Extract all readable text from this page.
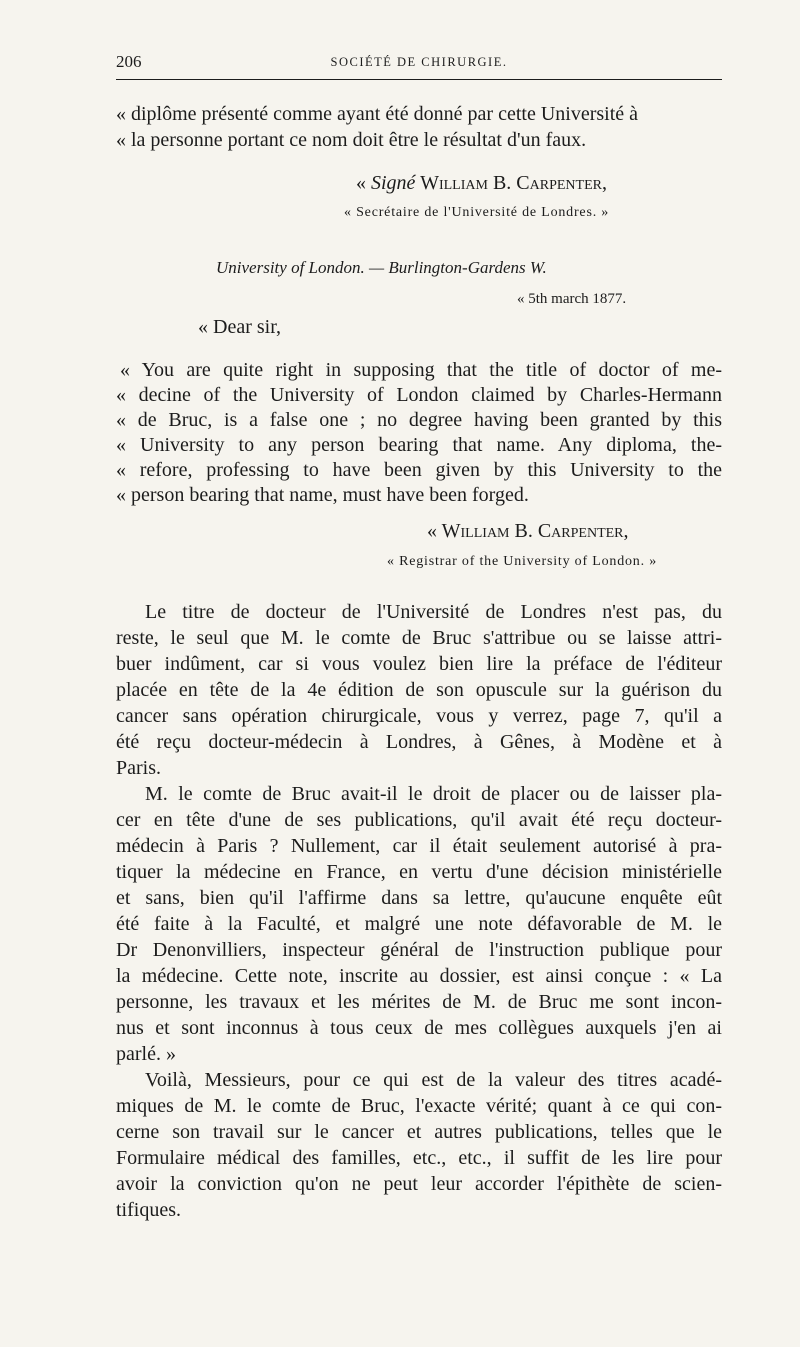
206	SOCIÉTÉ DE CHIRURGIE.
« diplôme présenté comme ayant été donné par cette Université à
« la personne portant ce nom doit être le résultat d'un faux.
« Signé William B. Carpenter,
« Secrétaire de l'Université de Londres. »
University of London. — Burlington-Gardens W.
« 5th march 1877.
« Dear sir,
« You are quite right in supposing that the title of doctor of me-
« decine of the University of London claimed by Charles-Hermann
« de Bruc, is a false one ; no degree having been granted by this
« University to any person bearing that name. Any diploma, the-
« refore, professing to have been given by this University to the
« person bearing that name, must have been forged.
« William B. Carpenter,
« Registrar of the University of London. »
Le titre de docteur de l'Université de Londres n'est pas, du
reste, le seul que M. le comte de Bruc s'attribue ou se laisse attri-
buer indûment, car si vous voulez bien lire la préface de l'éditeur
placée en tête de la 4e édition de son opuscule sur la guérison du
cancer sans opération chirurgicale, vous y verrez, page 7, qu'il a
été reçu docteur-médecin à Londres, à Gênes, à Modène et à
Paris.
M. le comte de Bruc avait-il le droit de placer ou de laisser pla-
cer en tête d'une de ses publications, qu'il avait été reçu docteur-
médecin à Paris ? Nullement, car il était seulement autorisé à pra-
tiquer la médecine en France, en vertu d'une décision ministérielle
et sans, bien qu'il l'affirme dans sa lettre, qu'aucune enquête eût
été faite à la Faculté, et malgré une note défavorable de M. le
Dr Denonvilliers, inspecteur général de l'instruction publique pour
la médecine. Cette note, inscrite au dossier, est ainsi conçue : « La
personne, les travaux et les mérites de M. de Bruc me sont incon-
nus et sont inconnus à tous ceux de mes collègues auxquels j'en ai
parlé. »
Voilà, Messieurs, pour ce qui est de la valeur des titres acadé-
miques de M. le comte de Bruc, l'exacte vérité; quant à ce qui con-
cerne son travail sur le cancer et autres publications, telles que le
Formulaire médical des familles, etc., etc., il suffit de les lire pour
avoir la conviction qu'on ne peut leur accorder l'épithète de scien-
tifiques.
